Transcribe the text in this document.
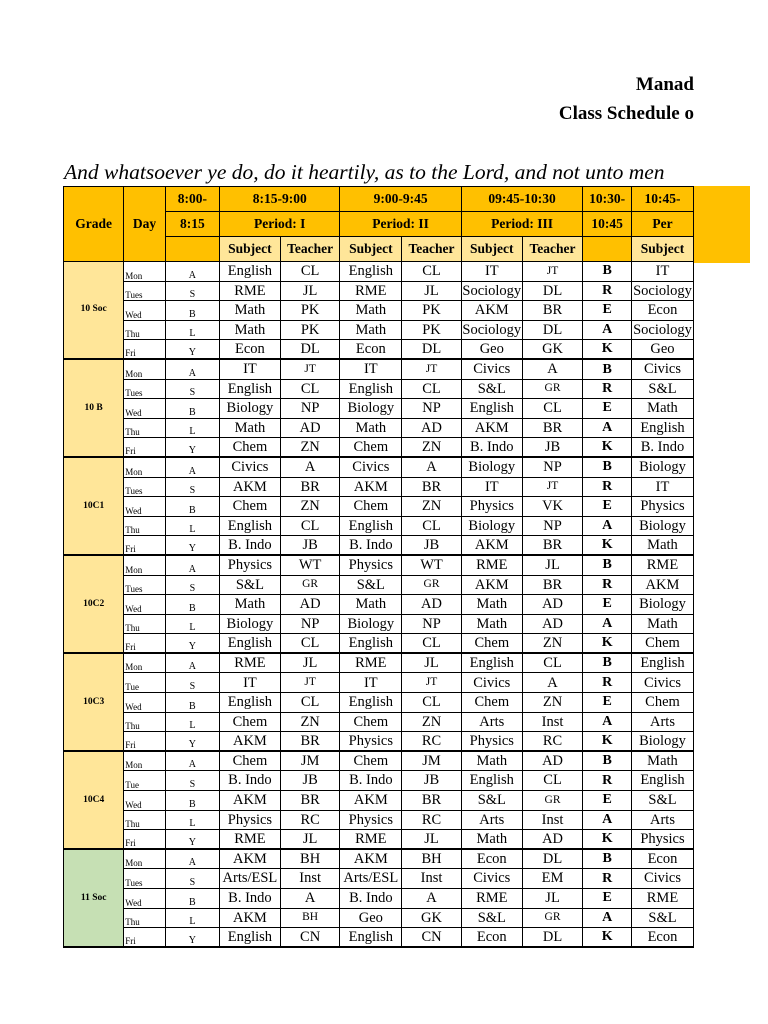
Manad
Class Schedule o
And whatsoever ye do, do it heartily, as to the Lord, and not unto men
Grade	Day	8:00-	8:15-9:00		9:00-9:45		09:45-10:30		10:30-	10:45-
		8:15	Period: I		Period: II		Period: III		10:45	Per
			Subject	Teacher	Subject	Teacher	Subject	Teacher		Subject
10 Soc	Mon	A	English	CL	English	CL	IT	JT	B	IT
	Tues	S	RME	JL	RME	JL	Sociology	DL	R	Sociology
	Wed	B	Math	PK	Math	PK	AKM	BR	E	Econ
	Thu	L	Math	PK	Math	PK	Sociology	DL	A	Sociology
	Fri	Y	Econ	DL	Econ	DL	Geo	GK	K	Geo
10 B	Mon	A	IT	JT	IT	JT	Civics	A	B	Civics
	Tues	S	English	CL	English	CL	S&L	GR	R	S&L
	Wed	B	Biology	NP	Biology	NP	English	CL	E	Math
	Thu	L	Math	AD	Math	AD	AKM	BR	A	English
	Fri	Y	Chem	ZN	Chem	ZN	B. Indo	JB	K	B. Indo
10C1	Mon	A	Civics	A	Civics	A	Biology	NP	B	Biology
	Tues	S	AKM	BR	AKM	BR	IT	JT	R	IT
	Wed	B	Chem	ZN	Chem	ZN	Physics	VK	E	Physics
	Thu	L	English	CL	English	CL	Biology	NP	A	Biology
	Fri	Y	B. Indo	JB	B. Indo	JB	AKM	BR	K	Math
10C2	Mon	A	Physics	WT	Physics	WT	RME	JL	B	RME
	Tues	S	S&L	GR	S&L	GR	AKM	BR	R	AKM
	Wed	B	Math	AD	Math	AD	Math	AD	E	Biology
	Thu	L	Biology	NP	Biology	NP	Math	AD	A	Math
	Fri	Y	English	CL	English	CL	Chem	ZN	K	Chem
10C3	Mon	A	RME	JL	RME	JL	English	CL	B	English
	Tue	S	IT	JT	IT	JT	Civics	A	R	Civics
	Wed	B	English	CL	English	CL	Chem	ZN	E	Chem
	Thu	L	Chem	ZN	Chem	ZN	Arts	Inst	A	Arts
	Fri	Y	AKM	BR	Physics	RC	Physics	RC	K	Biology
10C4	Mon	A	Chem	JM	Chem	JM	Math	AD	B	Math
	Tue	S	B. Indo	JB	B. Indo	JB	English	CL	R	English
	Wed	B	AKM	BR	AKM	BR	S&L	GR	E	S&L
	Thu	L	Physics	RC	Physics	RC	Arts	Inst	A	Arts
	Fri	Y	RME	JL	RME	JL	Math	AD	K	Physics
11 Soc	Mon	A	AKM	BH	AKM	BH	Econ	DL	B	Econ
	Tues	S	Arts/ESL	Inst	Arts/ESL	Inst	Civics	EM	R	Civics
	Wed	B	B. Indo	A	B. Indo	A	RME	JL	E	RME
	Thu	L	AKM	BH	Geo	GK	S&L	GR	A	S&L
	Fri	Y	English	CN	English	CN	Econ	DL	K	Econ
